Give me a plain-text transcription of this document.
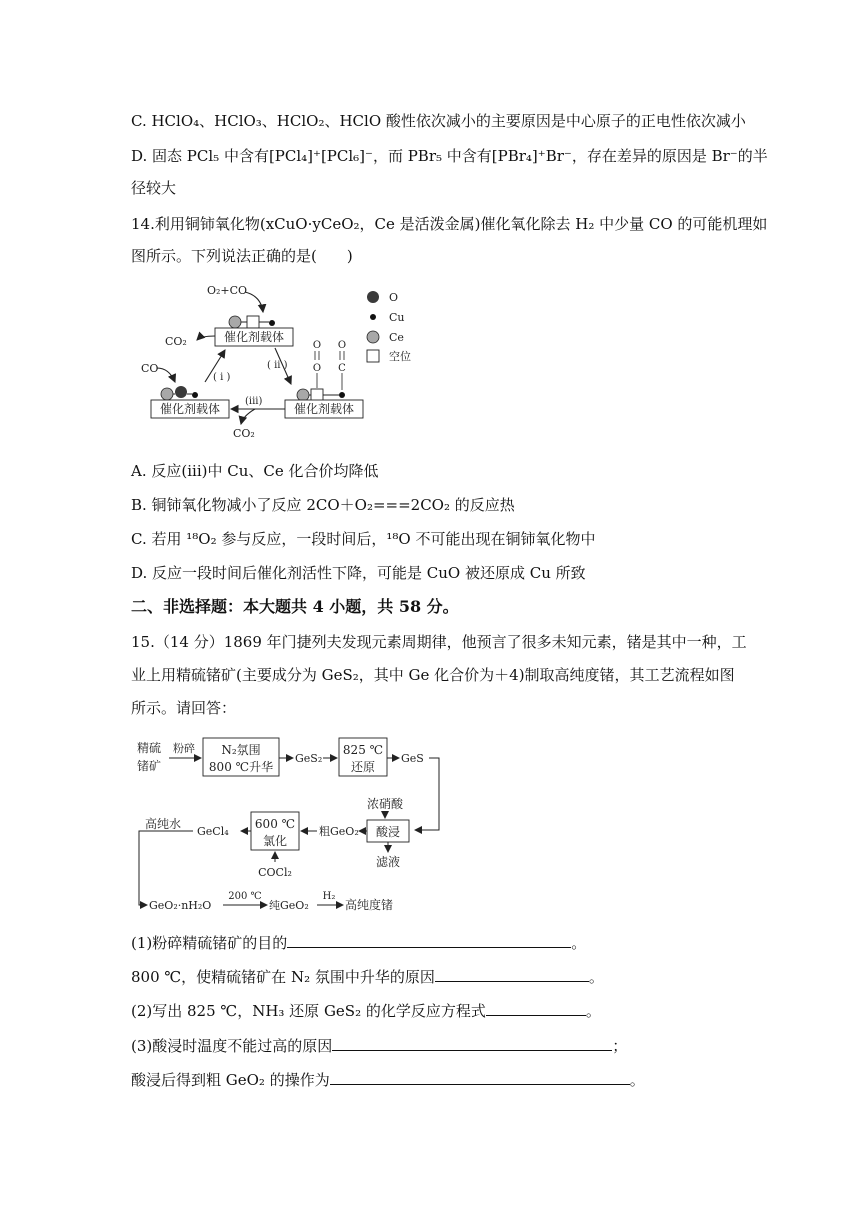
C. HClO₄、HClO₃、HClO₂、HClO 酸性依次减小的主要原因是中心原子的正电性依次减小
D. 固态 PCl₅ 中含有[PCl₄]⁺[PCl₆]⁻，而 PBr₅ 中含有[PBr₄]⁺Br⁻，存在差异的原因是 Br⁻的半
径较大
14.利用铜铈氧化物(xCuO·yCeO₂，Ce 是活泼金属)催化氧化除去 H₂ 中少量 CO 的可能机理如
图所示。下列说法正确的是(　　)
O₂+CO
催化剂载体
CO₂
CO
( i )
( ii )
催化剂载体
O
O
O
C
催化剂载体
(iii)
CO₂
O
Cu
Ce
空位
A. 反应(iii)中 Cu、Ce 化合价均降低
B. 铜铈氧化物减小了反应 2CO＋O₂===2CO₂ 的反应热
C. 若用 ¹⁸O₂ 参与反应，一段时间后，¹⁸O 不可能出现在铜铈氧化物中
D. 反应一段时间后催化剂活性下降，可能是 CuO 被还原成 Cu 所致
二、非选择题：本大题共 4 小题，共 58 分。
15.（14 分）1869 年门捷列夫发现元素周期律，他预言了很多未知元素，锗是其中一种，工
业上用精硫锗矿(主要成分为 GeS₂，其中 Ge 化合价为＋4)制取高纯度锗，其工艺流程如图
所示。请回答：
精硫
锗矿
粉碎 N₂氛围
800 ℃升华
GeS₂
825 ℃
还原
GeS
浓硝酸
酸浸
滤液
粗GeO₂
600 ℃
氯化
COCl₂
GeCl₄
高纯水
GeO₂·nH₂O
200 ℃
纯GeO₂
H₂
高纯度锗
(1)粉碎精硫锗矿的目的	。
800 ℃，使精硫锗矿在 N₂ 氛围中升华的原因	。
(2)写出 825 ℃，NH₃ 还原 GeS₂ 的化学反应方程式	。
(3)酸浸时温度不能过高的原因	；
酸浸后得到粗 GeO₂ 的操作为	。
